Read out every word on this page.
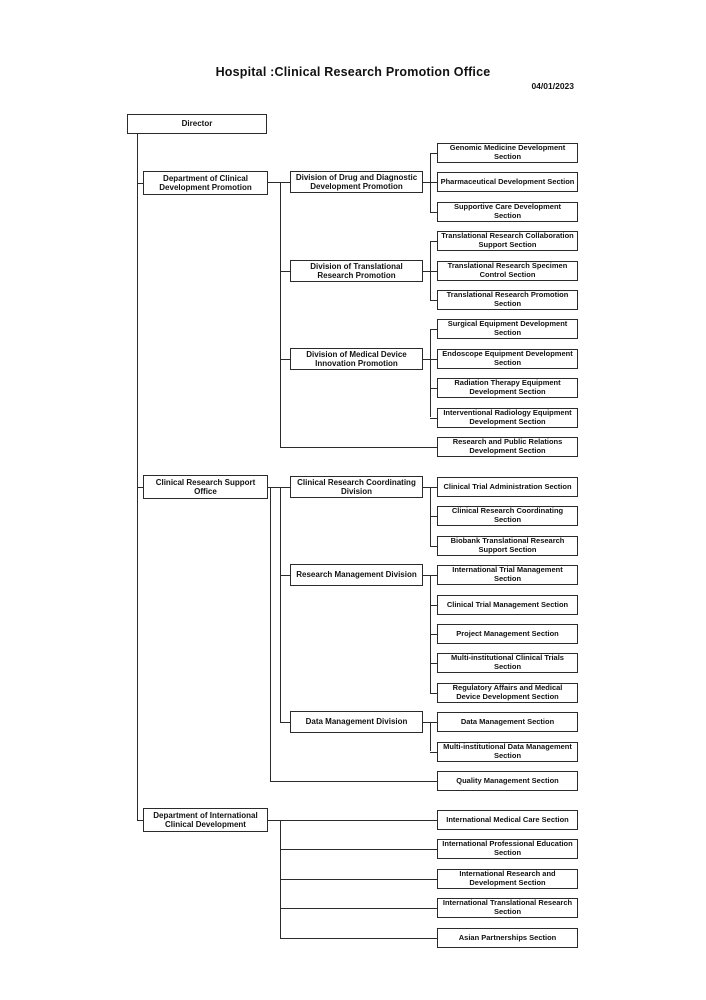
Hospital :Clinical Research Promotion Office
04/01/2023
Director
Department of Clinical Development Promotion
Division of Drug and Diagnostic Development Promotion
Genomic Medicine Development Section
Pharmaceutical Development Section
Supportive Care Development Section
Division of Translational Research Promotion
Translational Research Collaboration Support Section
Translational Research Specimen Control Section
Translational Research Promotion Section
Division of Medical Device Innovation Promotion
Surgical Equipment Development Section
Endoscope Equipment Development Section
Radiation Therapy Equipment Development Section
Interventional Radiology Equipment Development Section
Research and Public Relations Development Section
Clinical Research Support Office
Clinical Research Coordinating Division
Clinical Trial Administration Section
Clinical Research Coordinating Section
Biobank Translational Research Support Section
Research Management Division
International Trial Management Section
Clinical Trial Management Section
Project Management Section
Multi-institutional Clinical Trials Section
Regulatory Affairs and Medical Device Development Section
Data Management Division	Data Management Section
Multi-institutional Data Management Section
Quality Management Section
Department of International Clinical Development
International Medical Care Section
International Professional Education Section
International Research and Development Section
International Translational Research Section
Asian Partnerships Section
